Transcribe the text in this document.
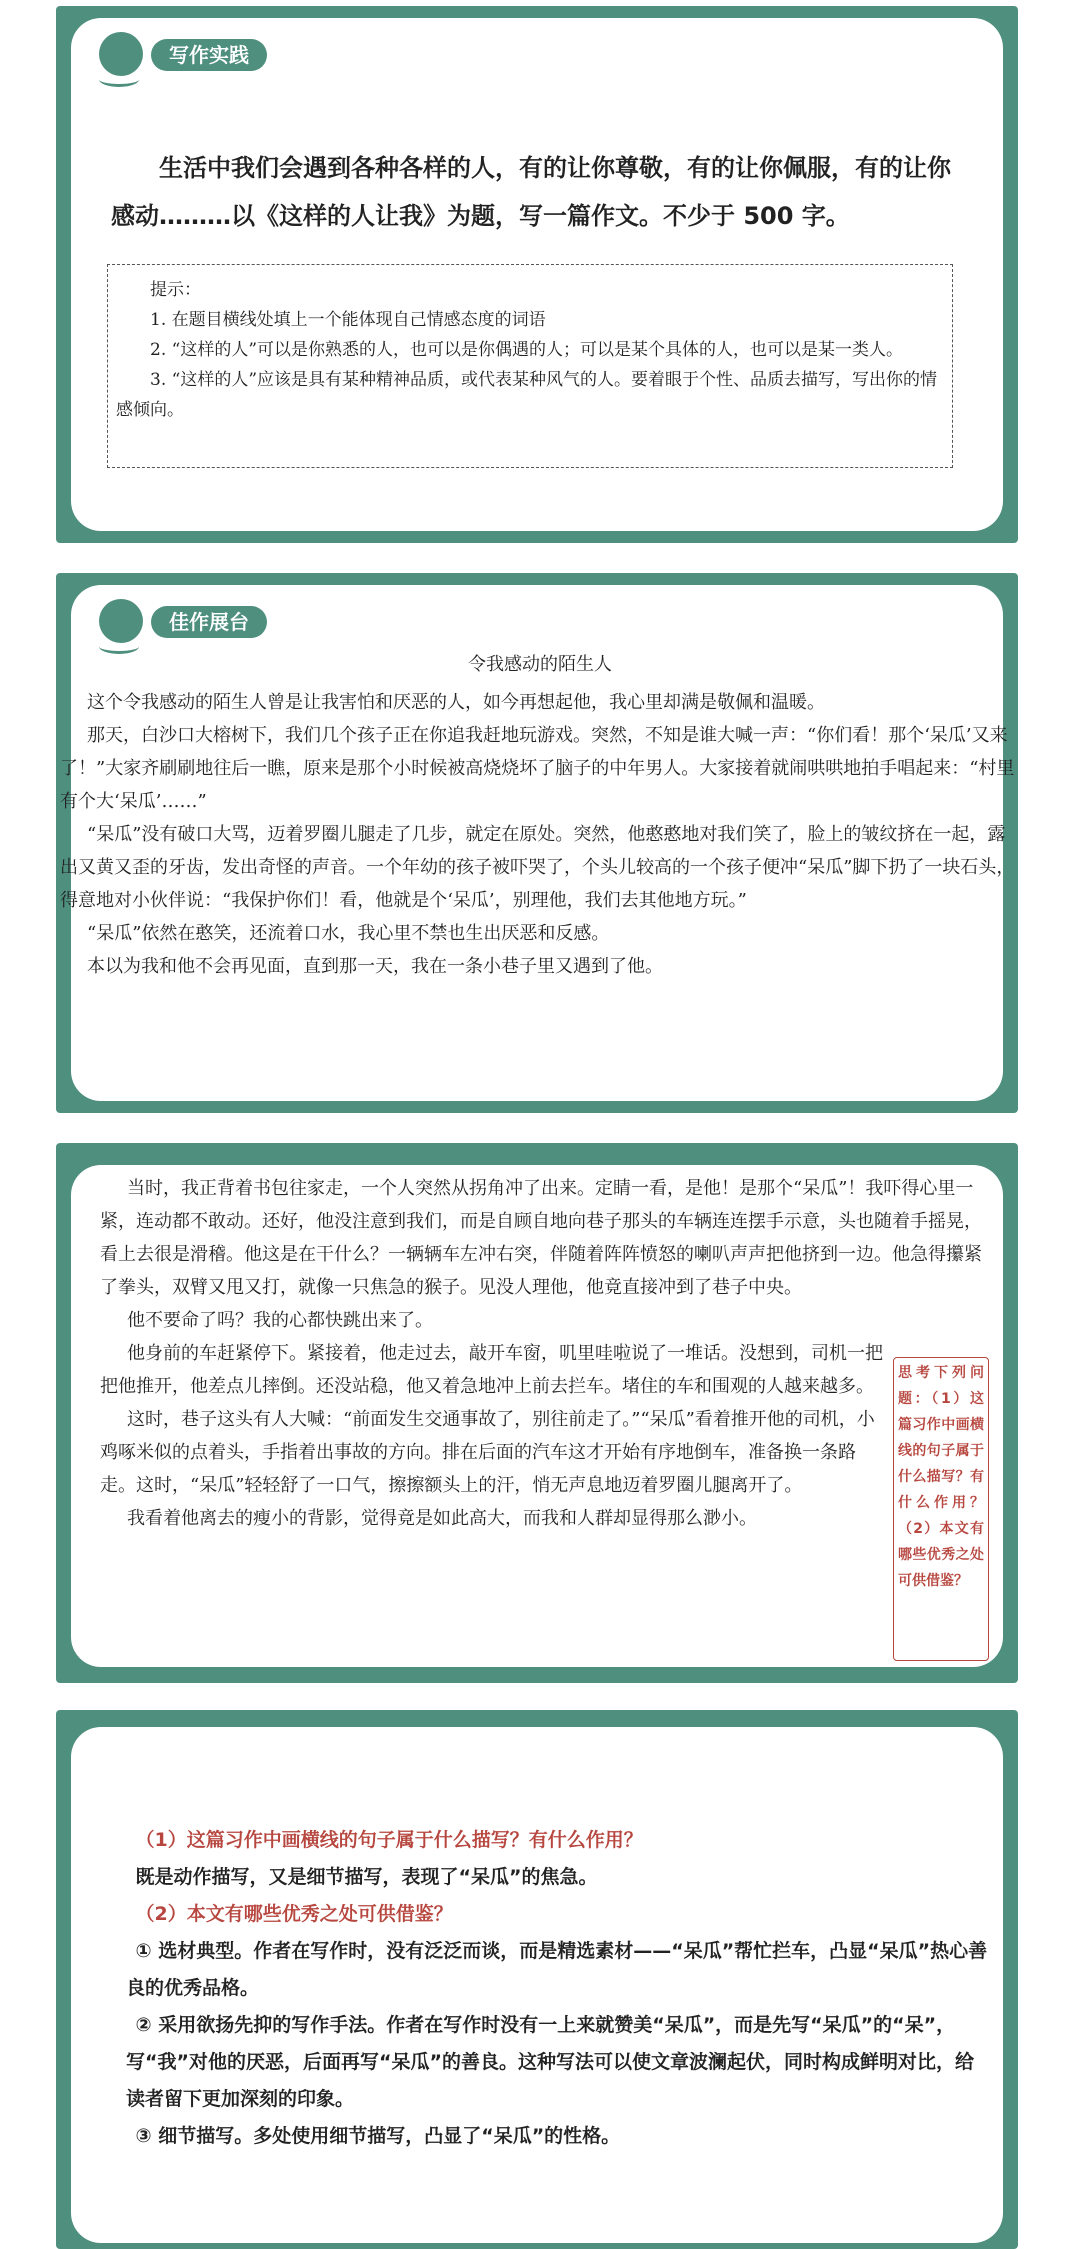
写作实践
生活中我们会遇到各种各样的人，有的让你尊敬，有的让你佩服，有的让你感动………以《这样的人让我》为题，写一篇作文。不少于 500 字。

提示：

1. 在题目横线处填上一个能体现自己情感态度的词语

2. “这样的人”可以是你熟悉的人，也可以是你偶遇的人；可以是某个具体的人，也可以是某一类人。

3. “这样的人”应该是具有某种精神品质，或代表某种风气的人。要着眼于个性、品质去描写，写出你的情感倾向。

佳作展台
令我感动的陌生人

这个令我感动的陌生人曾是让我害怕和厌恶的人，如今再想起他，我心里却满是敬佩和温暖。

那天，白沙口大榕树下，我们几个孩子正在你追我赶地玩游戏。突然，不知是谁大喊一声：“你们看！那个‘呆瓜’又来了！”大家齐刷刷地往后一瞧，原来是那个小时候被高烧烧坏了脑子的中年男人。大家接着就闹哄哄地拍手唱起来：“村里有个大‘呆瓜’……”

“呆瓜”没有破口大骂，迈着罗圈儿腿走了几步，就定在原处。突然，他憨憨地对我们笑了，脸上的皱纹挤在一起，露出又黄又歪的牙齿，发出奇怪的声音。一个年幼的孩子被吓哭了，个头儿较高的一个孩子便冲“呆瓜”脚下扔了一块石头，得意地对小伙伴说：“我保护你们！看，他就是个‘呆瓜’，别理他，我们去其他地方玩。”

“呆瓜”依然在憨笑，还流着口水，我心里不禁也生出厌恶和反感。

本以为我和他不会再见面，直到那一天，我在一条小巷子里又遇到了他。

当时，我正背着书包往家走，一个人突然从拐角冲了出来。定睛一看，是他！是那个“呆瓜”！我吓得心里一紧，连动都不敢动。还好，他没注意到我们，而是自顾自地向巷子那头的车辆连连摆手示意，头也随着手摇晃，看上去很是滑稽。他这是在干什么？一辆辆车左冲右突，伴随着阵阵愤怒的喇叭声声把他挤到一边。他急得攥紧了拳头，双臂又甩又打，就像一只焦急的猴子。见没人理他，他竟直接冲到了巷子中央。

他不要命了吗？我的心都快跳出来了。

他身前的车赶紧停下。紧接着，他走过去，敲开车窗，叽里哇啦说了一堆话。没想到，司机一把把他推开，他差点儿摔倒。还没站稳，他又着急地冲上前去拦车。堵住的车和围观的人越来越多。

这时，巷子这头有人大喊：“前面发生交通事故了，别往前走了。”“呆瓜”看着推开他的司机，小鸡啄米似的点着头，手指着出事故的方向。排在后面的汽车这才开始有序地倒车，准备换一条路走。这时，“呆瓜”轻轻舒了一口气，擦擦额头上的汗，悄无声息地迈着罗圈儿腿离开了。

我看着他离去的瘦小的背影，觉得竟是如此高大，而我和人群却显得那么渺小。

思考下列问题：（1）这篇习作中画横线的句子属于什么描写？有什么作用？（2）本文有哪些优秀之处可供借鉴？

（1）这篇习作中画横线的句子属于什么描写？有什么作用？

既是动作描写，又是细节描写，表现了“呆瓜”的焦急。

（2）本文有哪些优秀之处可供借鉴？

① 选材典型。作者在写作时，没有泛泛而谈，而是精选素材——“呆瓜”帮忙拦车，凸显“呆瓜”热心善良的优秀品格。

② 采用欲扬先抑的写作手法。作者在写作时没有一上来就赞美“呆瓜”，而是先写“呆瓜”的“呆”，写“我”对他的厌恶，后面再写“呆瓜”的善良。这种写法可以使文章波澜起伏，同时构成鲜明对比，给读者留下更加深刻的印象。

③ 细节描写。多处使用细节描写，凸显了“呆瓜”的性格。
